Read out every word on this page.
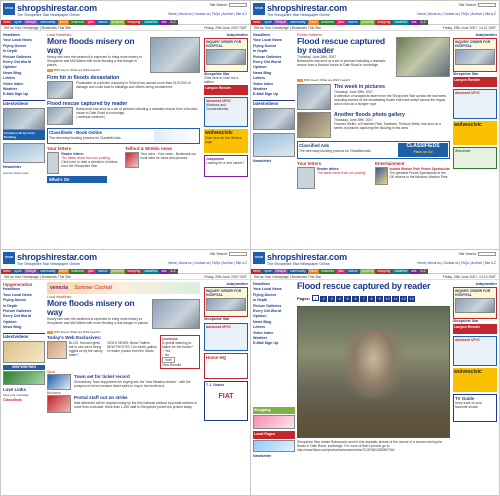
STAR shropshirestar.com
The Shropshire Star Newspaper Online
Site Search:
Home | About us | Contact us | FAQs | Archive | Site A-Z
news	sport	lifestyle	community	travel	business	jobs	motors	property	shopping	classified	ads	A-Z
Set as Your Homepage | Bookmark This Site	Friday, 29th June 2007 GMT
Headlines
Your Local News
Flying Doctor
In Depth
Picture Galleries
Every Old World
Opinion
News Blog
Letters
Video Index
Weather
E-Mail Sign Up
latestvideos
County is hit by more flooding
Newsletter
Get the latest news
Local Headlines:
More floods misery on way
Heavy rain over the weekend is expected to bring more misery to Shropshire and Mid Wales with more flooding a real danger in places.
RSS Feed | What are RSS Feeds?
Firm hit in floods devastation
Floodwater at a kitchen company in Telford has caused more than £100,000 of damage and could lead to buildings and offices being condemned.
Flood rescue captured by reader
Bobsoomic has sent us a set of pictures including a dramatic rescue from a flooded house in Dale Road in Ironbridge.
| continue continue |
Classifieds - Book Online
The new easy booking process for Classified ads
Your letters
Reader letters:
The latest views from our posting
Click here to read a selection of letters from the Shropshire Star.
Telford & Wrekin news
Your area - Your news - Bookmark our local sites for news and pictures
What's On
today/weather
INQUIRY ORDER FOR HOSPITAL
Shropshire Star
Click here to read our e-edition
Lanyon Reeder
Advanced UPVC
Windows and Conservatories
wolvescivic
Click here for the Wolves page
Jobspotstar
Looking for a new career?
STAR shropshirestar.com
The Shropshire Star Newspaper Online
Site Search:
Home | About us | Contact us | FAQs | Archive | Site A-Z
news	sport	lifestyle	community	travel	business	jobs	motors	property	shopping	classified	ads	A-Z
Set as Your Homepage | Bookmark This Site	Friday, 29th June 2007, 14:21 GMT
Headlines
Your Local News
Flying Doctor
In Depth
Picture Galleries
Every Old World
Opinion
News Blog
Letters
Video Index
Weather
E-Mail Sign Up
latestvideos
Newsletter
Picture Galleries:
Flood rescue captured by reader
Thursday, June 28th, 2007
Bobsoomic has sent us a set of pictures including a dramatic rescue from a flooded house in Dale Road in Ironbridge.
RSS Feed | What are RSS Feeds?
The week in pictures
Thursday, June 28th, 2007
A selection of snapshots taken from the Shropshire Star across the last week, including scenes of the devastating floods that have swept across the region, and a man on a bungee rope.
Another floods photo gallery
Thursday, June 28th, 2007
Frances Weller, of Eastham Park, Eastham, Tenbury Wells, has sent us a series of pictures capturing the flooding in the area.
Classified Ads
The new easy booking process for Classified ads
CLASSIFIEDS
Place an Ad
Your letters
Reader letters:
The latest views from our posting
Entertainment
Instant Weston Park Proms Spectacular
The greatest Proms Spectacular in the UK returns to the fabulous Weston Park
today/weather
INQUIRY ORDER FOR HOSPITAL
Shropshire Star
Lanyon Reeder
Advanced UPVC
wolvescivic
Worcester
STAR shropshirestar.com
The Shropshire Star Newspaper Online
Site Search:
Home | About us | Contact us | FAQs | Archive | Site A-Z
news	sport	lifestyle	community	travel	business	jobs	motors	property	shopping	classified	ads	A-Z
Set as Your Homepage | Bookmark This Site	Friday, 29th June 2007 GMT
topgeneration
Headlines
Your Local News
Flying Doctor
In Depth
Picture Galleries
Every Old World
Opinion
News Blog
latestvideos
WIN*WIN*WIN
Love Links
Find your soulmate
Classifieds
venezia Summer Cocktail
Local Headlines:
More floods misery on way
Heavy rain over the weekend is expected to bring more misery to Shropshire and Mid Wales with more flooding a real danger in places.
RSS Feed | What are RSS Feeds?
Today's Web Exclusives:
BLOG: Human rights, fair to see we're being egged on by the nanny state?
VIDEO NEWS: News Trailers
NEW PHOTOS: Our fourth gallery of reader photos from the floods
yourshout
Is global warming to blame for the floods?
○ Yes
○ No
Vote
View Results
Sport
Town set for ticket record
Shrewsbury Town supporters are buying into the 'new Meadow dream' - with the prospect of record season ticket sales to ring in the fourth end.
Business
Postal staff out on strike
Mail deliveries will be crippled today by the first national walkout by postal workers in more than a decade. More than 1,300 staff in Shropshire joined the protest today.
today/weather
INQUIRY ORDER FOR HOSPITAL
Shropshire Star
Advanced UPVC
Home HQ
T. J. Vickers
FIAT
STAR shropshirestar.com
The Shropshire Star Newspaper Online
Site Search:
Home | About us | Contact us | FAQs | Archive | Site A-Z
news	sport	lifestyle	community	travel	business	jobs	motors	property	shopping	classified	ads	A-Z
Set as Your Homepage | Bookmark This Site	Friday, 29th June 2007, 13:13 GMT
Headlines
Your Local News
Flying Doctor
In Depth
Picture Galleries
Every Old World
Opinion
News Blog
Letters
Video Index
Weather
E-Mail Sign Up
Shopping
Local Pages
Newsletter
Flood rescue captured by reader
Pages:	1 2 3 4 5 6 7 8 9 10 11 12 13
Shropshire Star reader Bobsoomic sent in this dramatic picture of the rescue of a woman during the floods in Dale Road, Ironbridge. For more of Bob's photos go to http://www.flickr.com/photos/bobsoomic/sets/72157600485090784/
today/weather
INQUIRY ORDER FOR HOSPITAL
Shropshire Star
Lanyon Reeder
Advanced UPVC
wolvescivic
TV Guide
Keep track of your favourite shows
